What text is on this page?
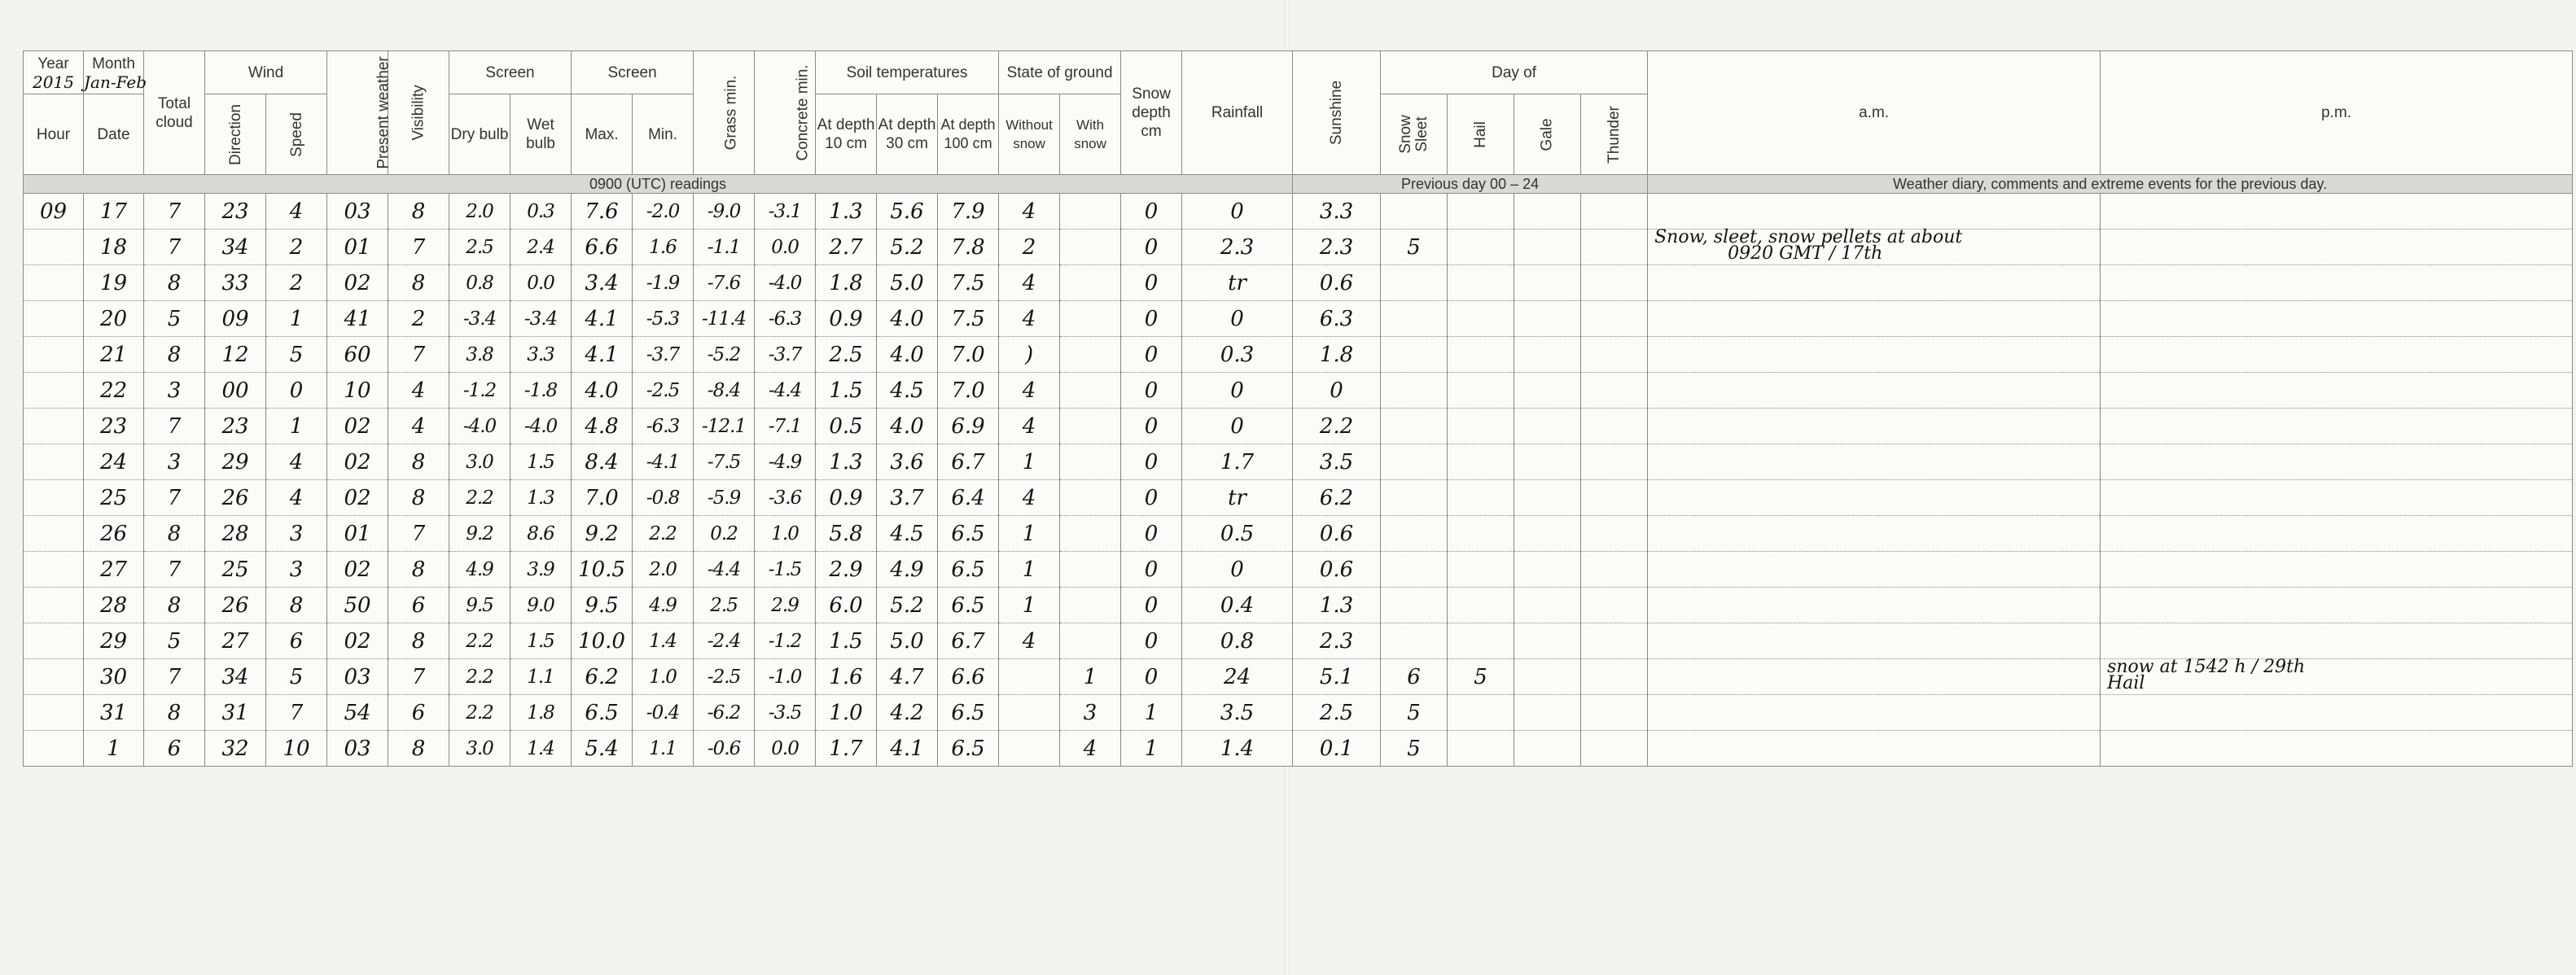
Year
2015	Month
Jan-Feb	Total cloud	Wind		Present weather	Visibility	Screen		Screen		Grass min.	Concrete min.	Soil temperatures			State of ground		Snow depth cm	Rainfall	Sunshine	Day of				a.m.	p.m.
Hour	Date		Direction	Speed			Dry bulb	Wet bulb	Max.	Min.			At depth 10 cm	At depth 30 cm	At depth 100 cm	Without snow	With snow				Snow Sleet	Hail	Gale	Thunder		
0900 (UTC) readings																				Previous day 00 – 24					Weather diary, comments and extreme events for the previous day.	
09	17	7	23	4	03	8	2.0	0.3	7.6	-2.0	-9.0	-3.1	1.3	5.6	7.9	4		0	0	3.3					

	18	7	34	2	01	7	2.5	2.4	6.6	1.6	-1.1	0.0	2.7	5.2	7.8	2		0	2.3	2.3	5				Snow, sleet, snow pellets at about
0920 GMT / 17th	

	19	8	33	2	02	8	0.8	0.0	3.4	-1.9	-7.6	-4.0	1.8	5.0	7.5	4		0	tr	0.6					

	20	5	09	1	41	2	-3.4	-3.4	4.1	-5.3	-11.4	-6.3	0.9	4.0	7.5	4		0	0	6.3					

	21	8	12	5	60	7	3.8	3.3	4.1	-3.7	-5.2	-3.7	2.5	4.0	7.0	)		0	0.3	1.8					

	22	3	00	0	10	4	-1.2	-1.8	4.0	-2.5	-8.4	-4.4	1.5	4.5	7.0	4		0	0	0					

	23	7	23	1	02	4	-4.0	-4.0	4.8	-6.3	-12.1	-7.1	0.5	4.0	6.9	4		0	0	2.2					

	24	3	29	4	02	8	3.0	1.5	8.4	-4.1	-7.5	-4.9	1.3	3.6	6.7	1		0	1.7	3.5					

	25	7	26	4	02	8	2.2	1.3	7.0	-0.8	-5.9	-3.6	0.9	3.7	6.4	4		0	tr	6.2					

	26	8	28	3	01	7	9.2	8.6	9.2	2.2	0.2	1.0	5.8	4.5	6.5	1		0	0.5	0.6					

	27	7	25	3	02	8	4.9	3.9	10.5	2.0	-4.4	-1.5	2.9	4.9	6.5	1		0	0	0.6					

	28	8	26	8	50	6	9.5	9.0	9.5	4.9	2.5	2.9	6.0	5.2	6.5	1		0	0.4	1.3					

	29	5	27	6	02	8	2.2	1.5	10.0	1.4	-2.4	-1.2	1.5	5.0	6.7	4		0	0.8	2.3					

	30	7	34	5	03	7	2.2	1.1	6.2	1.0	-2.5	-1.0	1.6	4.7	6.6		1	0	24	5.1	6	5				snow at 1542 h / 29th
Hail

	31	8	31	7	54	6	2.2	1.8	6.5	-0.4	-6.2	-3.5	1.0	4.2	6.5		3	1	3.5	2.5	5				

	1	6	32	10	03	8	3.0	1.4	5.4	1.1	-0.6	0.0	1.7	4.1	6.5		4	1	1.4	0.1	5				
